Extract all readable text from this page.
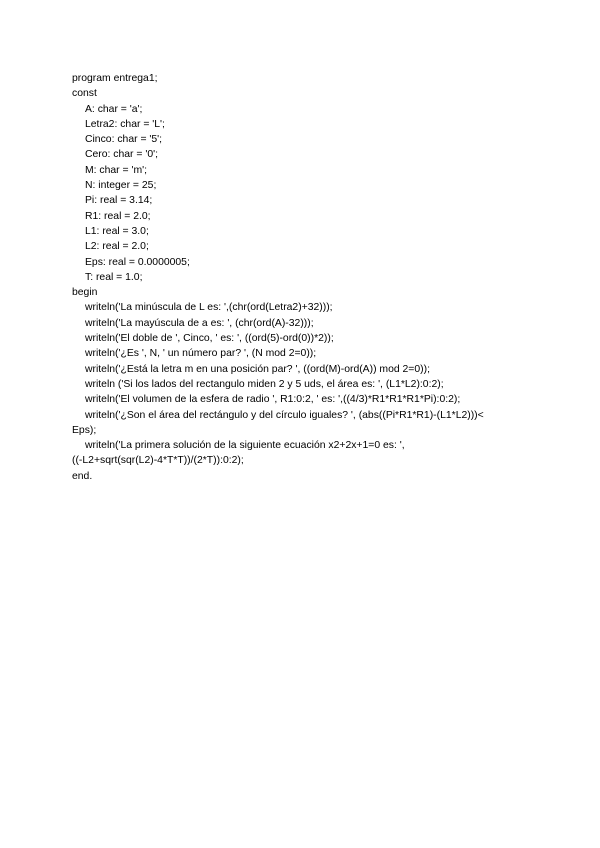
program entrega1;
const
A: char = 'a';
Letra2: char = 'L';
Cinco: char = '5';
Cero: char = '0';
M: char = 'm';
N: integer = 25;
Pi: real = 3.14;
R1: real = 2.0;
L1: real = 3.0;
L2: real = 2.0;
Eps: real = 0.0000005;
T: real = 1.0;
begin
writeln('La minúscula de L es: ',(chr(ord(Letra2)+32)));
writeln('La mayúscula de a es: ', (chr(ord(A)-32)));
writeln('El doble de ', Cinco, ' es: ', ((ord(5)-ord(0))*2));
writeln('¿Es ', N, ' un número par? ', (N mod 2=0));
writeln('¿Está la letra m en una posición par? ', ((ord(M)-ord(A)) mod 2=0));
writeln ('Si los lados del rectangulo miden 2 y 5 uds, el área es: ', (L1*L2):0:2);
writeln('El volumen de la esfera de radio ', R1:0:2, ' es: ',((4/3)*R1*R1*R1*Pi):0:2);
writeln('¿Son el área del rectángulo y del círculo iguales? ', (abs((Pi*R1*R1)-(L1*L2)))<
Eps);
writeln('La primera solución de la siguiente ecuación x2+2x+1=0 es: ',
((-L2+sqrt(sqr(L2)-4*T*T))/(2*T)):0:2);
end.
